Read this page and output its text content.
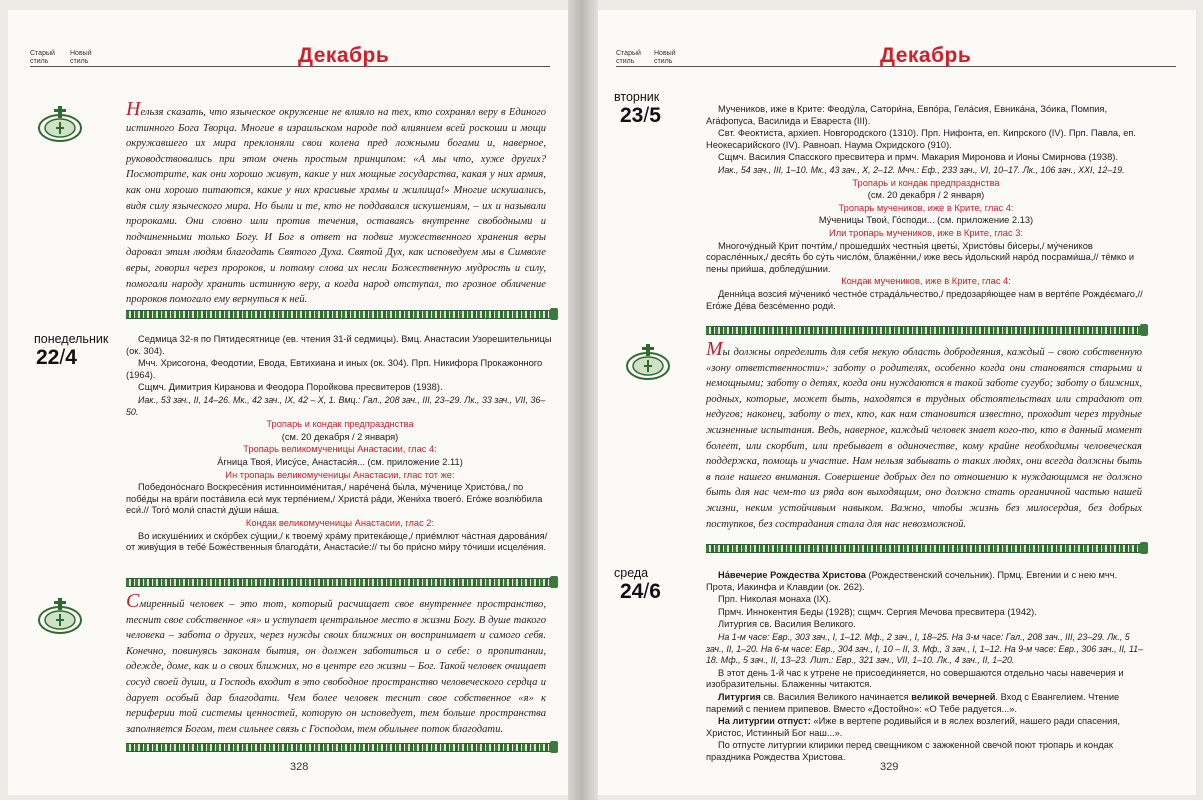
Старый стиль
Новый стиль	Декабрь
Нельзя сказать, что языческое окружение не влияло на тех, кто сохранял веру в Единого истинного Бога Творца. Многие в израильском народе под влиянием всей роскоши и мощи окружавшего их мира преклоняли свои колена пред ложными богами и, наверное, руководствовались при этом очень простым принципом: «А мы что, хуже других? Посмотрите, как они хорошо живут, какие у них мощные государства, какая у них армия, как они хорошо питаются, какие у них красивые храмы и жилища!» Многие искушались, видя силу языческого мира. Но были и те, кто не поддавался искушениям, – их и называли пророками. Они словно шли против течения, оставаясь внутренне свободными и подчиненными только Богу. И Бог в ответ на подвиг мужественного хранения веры даровал этим людям благодать Святого Духа. Святой Дух, как исповедуем мы в Символе веры, говорил через пророков, и потому слова их несли Божественную мудрость и силу, помогали народу хранить истинную веру, а когда народ отступал, то грозное обличение пророков помогало ему вернуться к ней.
понедельник
22/4

Седмица 32-я по Пятидесятнице (ев. чтения 31-й седмицы). Вмц. Анастасии Узорешительницы (ок. 304).

Мчч. Хрисогона, Феодотии, Евода, Евтихиана и иных (ок. 304). Прп. Никифора Прокажонного (1964).

Сщмч. Димитрия Киранова и Феодора Поройкова пресвитеров (1938).

Иак., 53 зач., II, 14–26. Мк., 42 зач., IX, 42 – X, 1. Вмц.: Гал., 208 зач., III, 23–29. Лк., 33 зач., VII, 36–50.

Тропарь и кондак предпразднства

(см. 20 декабря / 2 января)

Тропарь великомученицы Анастасии, глас 4:

А́гница Твоя́, Иису́се, Анастаси́я... (см. приложение 2.11)

Ин тропарь великомученицы Анастасии, глас тот же:

Победоно́снаго Воскресе́ния истинноиме́нитая,/ наре́чена́ бы́ла, му́ченице Христо́ва,/ по побе́ды на вра́ги поста́вила еси́ мук терпе́нием,/ Христа́ ра́ди, Жени́ха твоего́. Его́же возлю́била еси́.// Того́ моли́ спасти́ ду́ши на́ша.

Кондак великомученицы Анастасии, глас 2:

Во искуше́ниих и ско́рбех су́щии,/ к твоему́ хра́му притека́юще,/ прие́млют ча́стная дарова́ния/ от живу́щия в тебе́ Боже́ственныя благода́ти, Анастаси́е:// ты бо при́сно ми́ру то́чиши исцеле́ния.

Смирeнный человек – это тот, который расчищает свое внутреннее пространство, теснит свое собственное «я» и уступает центральное место в жизни Богу. В душе такого человека – забота о других, через нужды своих ближних он воспринимает и самого себя. Конечно, повинуясь законам бытия, он должен заботиться и о себе: о пропитании, одежде, доме, как и о своих ближних, но в центре его жизни – Бог. Такой человек очищает сосуд своей души, и Господь входит в это свободное пространство человеческого сердца и дарует особый дар благодати. Чем более человек теснит свое собственное «я» к периферии той системы ценностей, которую он исповедует, тем больше пространства заполняется Богом, тем сильнее связь с Господом, тем обильнее поток благодати.
328
Старый стиль
Новый стиль	Декабрь
вторник
23/5	Мучеников, иже в Крите: Феоду́ла, Сатори́на, Евпо́ра, Гела́сия, Евника́на, Зо́ика, Помпия, Ага́фопуса, Василида и Евареста (III).

Свт. Феоктиста, архиеп. Новгородского (1310). Прп. Нифонта, еп. Кипрского (IV). Прп. Павла, еп. Неокесарийского (IV). Равноап. Наума Охридского (910).

Сщмч. Василия Спасского пресвитера и прмч. Макария Миронова и Ионы Смирнова (1938).

Иак., 54 зач., III, 1–10. Мк., 43 зач., X, 2–12. Мчч.: Еф., 233 зач., VI, 10–17. Лк., 106 зач., XXI, 12–19.

Тропарь и кондак предпразднства

(см. 20 декабря / 2 января)

Тропарь мучеников, иже в Крите, глас 4:

Му́ченицы Твои́, Го́споди... (см. приложение 2.13)

Или тропарь мучеников, иже в Крите, глас 3:

Многочу́дный Крит почти́м,/ прошедши́х честны́я цветы́, Христо́вы би́серы,/ му́чеников сорасле́нных,/ деся́ть бо су́ть число́м, блаже́нни,/ иже весь и́дольский наро́д посрами́ша,// тёмко и пены прии́ша, добледу́шнии.

Кондак мучеников, иже в Крите, глас 4:

Денни́ца возсия́ му́ченико́ честно́е страда́льчество,/ предозаря́ющее нам в верте́пе Рожде́ємаго,// Его́же Де́ва безсе́менно роди́.

Мы должны определить для себя некую область добродеяния, каждый – свою собственную «зону ответственности»: заботу о родителях, особенно когда они становятся старыми и немощными; заботу о детях, когда они нуждаются в такой заботе сугубо; заботу о ближних, родных, которые, может быть, находятся в трудных обстоятельствах или страдают от недугов; наконец, заботу о тех, кто, как нам становится известно, проходит через трудные жизненные испытания. Ведь, наверное, каждый человек знает кого-то, кто в данный момент болеет, или скорбит, или пребывает в одиночестве, кому крайне необходимы человеческая поддержка, помощь и участие. Нам нельзя забывать о таких людях, они всегда должны быть в поле нашего внимания. Совершение добрых дел по отношению к нуждающимся не должно быть для нас чем-то из ряда вон выходящим, оно должно стать органичной частью нашей жизни, неким устойчивым навыком. Важно, чтобы жизнь без милосердия, без добрых поступков, без сострадания стала для нас невозможной.
среда
24/6

На́вечерие Рождества Христова (Рождественский сочельник). Прмц. Евгении и с нею мчч. Прота, Иакинфа и Клавдии (ок. 262).

Прп. Николая монаха (IX).

Прмч. Иннокентия Беды (1928); сщмч. Сергия Мечова пресвитера (1942).

Литургия св. Василия Великого.

На 1-м часе: Евр., 303 зач., I, 1–12. Мф., 2 зач., I, 18–25. На 3-м часе: Гал., 208 зач., III, 23–29. Лк., 5 зач., II, 1–20. На 6-м часе: Евр., 304 зач., I, 10 – II, 3. Мф., 3 зач., I, 1–12. На 9-м часе: Евр., 306 зач., II, 11–18. Мф., 5 зач., II, 13–23. Лит.: Евр., 321 зач., VII, 1–10. Лк., 4 зач., II, 1–20.

В этот день 1-й час к утрене не присоединяется, но совершаются отдельно часы навечерия и изобразительны. Блаженны читаются.

Литургия св. Василия Великого начинается великой вечерней. Вход с Евангелием. Чтение паремий с пением припевов. Вместо «Достойно»: «О Тебе радуется...».

На литургии отпуст: «Иже в вертепе родивыйся и в яслех возлегий, нашего ради спасения, Христос, Истинный Бог наш...».

По отпусте литургии клирики перед свещником с зажженной свечой поют тропарь и кондак праздника Рождества Христова.

329
